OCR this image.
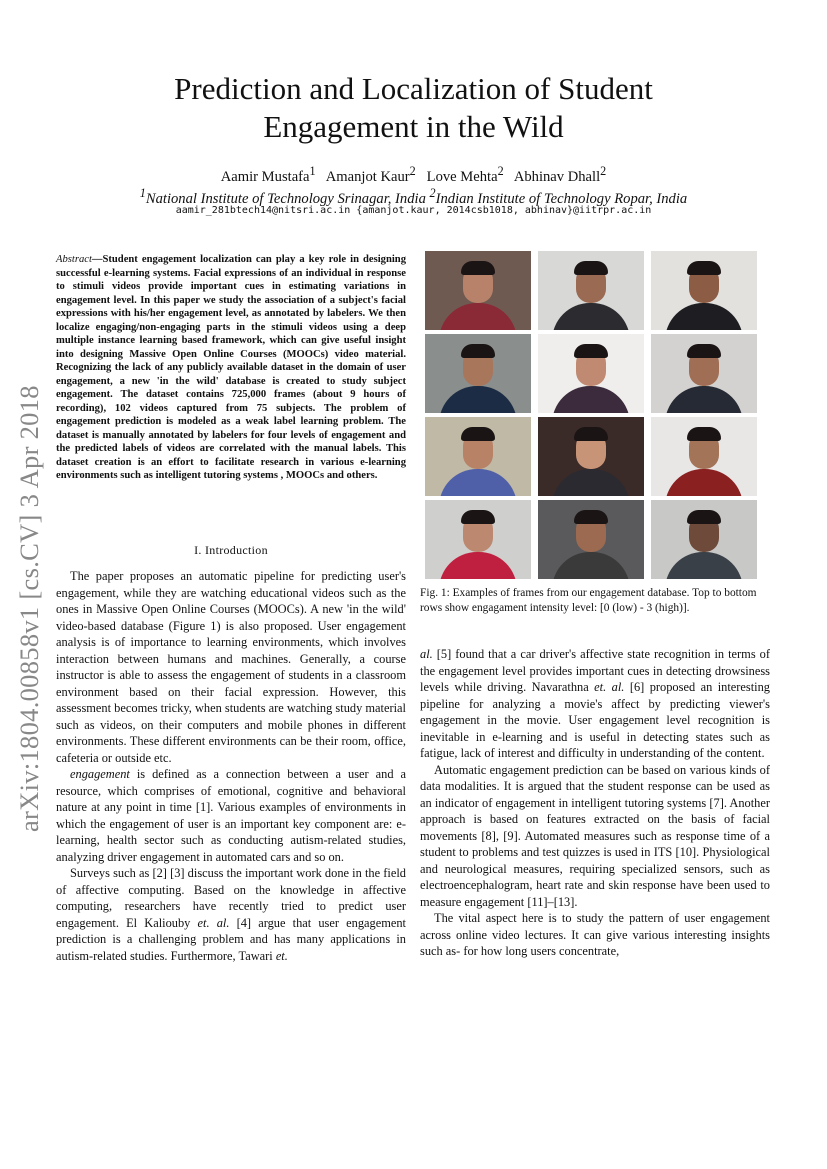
Prediction and Localization of Student
Engagement in the Wild
Aamir Mustafa$^1$ Amanjot Kaur$^2$ Love Mehta$^2$ Abhinav Dhall$^2$
$^1$National Institute of Technology Srinagar, India $^2$Indian Institute of Technology Ropar, India
aamir_281btech14@nitsri.ac.in {amanjot.kaur, 2014csb1018, abhinav}@iitrpr.ac.in
arXiv:1804.00858v1 [cs.CV] 3 Apr 2018
Abstract—Student engagement localization can play a key role in designing successful e-learning systems. Facial expressions of an individual in response to stimuli videos provide important cues in estimating variations in engagement level. In this paper we study the association of a subject's facial expressions with his/her engagement level, as annotated by labelers. We then localize engaging/non-engaging parts in the stimuli videos using a deep multiple instance learning based framework, which can give useful insight into designing Massive Open Online Courses (MOOCs) video material. Recognizing the lack of any publicly available dataset in the domain of user engagement, a new 'in the wild' database is created to study subject engagement. The dataset contains 725,000 frames (about 9 hours of recording), 102 videos captured from 75 subjects. The problem of engagement prediction is modeled as a weak label learning problem. The dataset is manually annotated by labelers for four levels of engagement and the predicted labels of videos are correlated with the manual labels. This dataset creation is an effort to facilitate research in various e-learning environments such as intelligent tutoring systems , MOOCs and others.
I. Introduction

The paper proposes an automatic pipeline for predicting user's engagement, while they are watching educational videos such as the ones in Massive Open Online Courses (MOOCs). A new 'in the wild' video-based database (Figure 1) is also proposed. User engagement analysis is of importance to learning environments, which involves interaction between humans and machines. Generally, a course instructor is able to assess the engagement of students in a classroom environment based on their facial expression. However, this assessment becomes tricky, when students are watching study material such as videos, on their computers and mobile phones in different environments. These different environments can be their room, office, cafeteria or outside etc.

engagement is defined as a connection between a user and a resource, which comprises of emotional, cognitive and behavioral nature at any point in time [1]. Various examples of environments in which the engagement of user is an important key component are: e-learning, health sector such as conducting autism-related studies, analyzing driver engagement in automated cars and so on.

Surveys such as [2] [3] discuss the important work done in the field of affective computing. Based on the knowledge in affective computing, researchers have recently tried to predict user engagement. El Kaliouby et. al. [4] argue that user engagement prediction is a challenging problem and has many applications in autism-related studies. Furthermore, Tawari et.

Fig. 1: Examples of frames from our engagement database. Top to bottom rows show engagament intensity level: [0 (low) - 3 (high)].

al. [5] found that a car driver's affective state recognition in terms of the engagement level provides important cues in detecting drowsiness levels while driving. Navarathna et. al. [6] proposed an interesting pipeline for analyzing a movie's affect by predicting viewer's engagement in the movie. User engagement level recognition is inevitable in e-learning and is useful in detecting states such as fatigue, lack of interest and difficulty in understanding of the content.

Automatic engagement prediction can be based on various kinds of data modalities. It is argued that the student response can be used as an indicator of engagement in intelligent tutoring systems [7]. Another approach is based on features extracted on the basis of facial movements [8], [9]. Automated measures such as response time of a student to problems and test quizzes is used in ITS [10]. Physiological and neurological measures, requiring specialized sensors, such as electroencephalogram, heart rate and skin response have been used to measure engagement [11]–[13].

The vital aspect here is to study the pattern of user engagement across online video lectures. It can give various interesting insights such as- for how long users concentrate,
